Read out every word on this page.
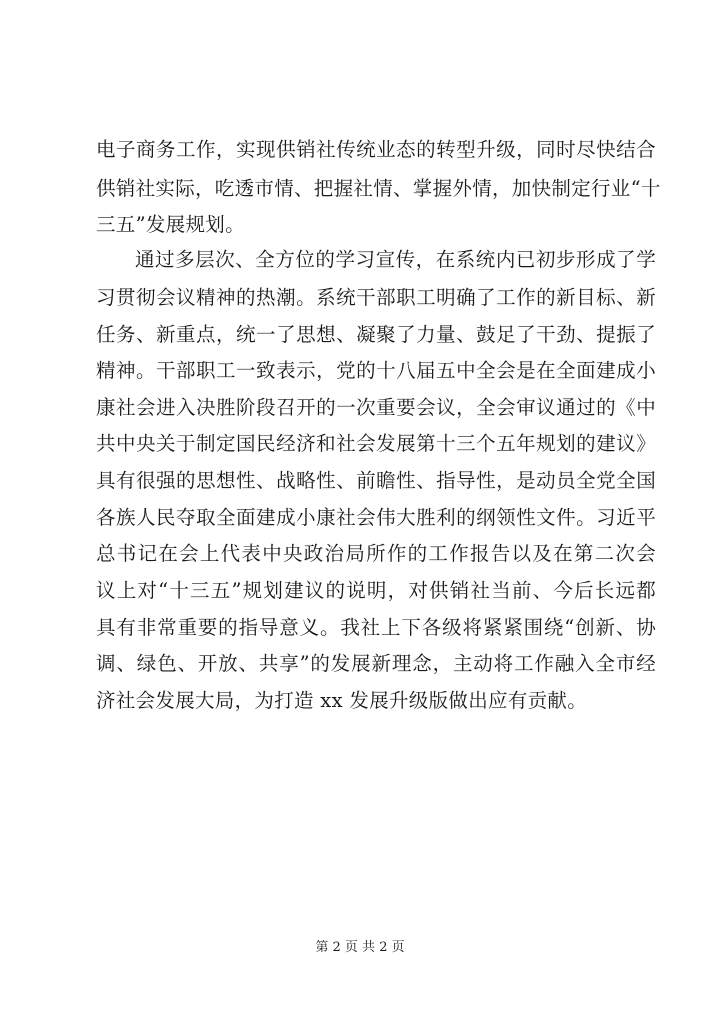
电子商务工作，实现供销社传统业态的转型升级，同时尽快结合
供销社实际，吃透市情、把握社情、掌握外情，加快制定行业“十
三五”发展规划。
通过多层次、全方位的学习宣传，在系统内已初步形成了学
习贯彻会议精神的热潮。系统干部职工明确了工作的新目标、新
任务、新重点，统一了思想、凝聚了力量、鼓足了干劲、提振了
精神。干部职工一致表示，党的十八届五中全会是在全面建成小
康社会进入决胜阶段召开的一次重要会议，全会审议通过的《中
共中央关于制定国民经济和社会发展第十三个五年规划的建议》
具有很强的思想性、战略性、前瞻性、指导性，是动员全党全国
各族人民夺取全面建成小康社会伟大胜利的纲领性文件。习近平
总书记在会上代表中央政治局所作的工作报告以及在第二次会
议上对“十三五”规划建议的说明，对供销社当前、今后长远都
具有非常重要的指导意义。我社上下各级将紧紧围绕“创新、协
调、绿色、开放、共享”的发展新理念，主动将工作融入全市经
济社会发展大局，为打造 xx 发展升级版做出应有贡献。
第 2 页 共 2 页
